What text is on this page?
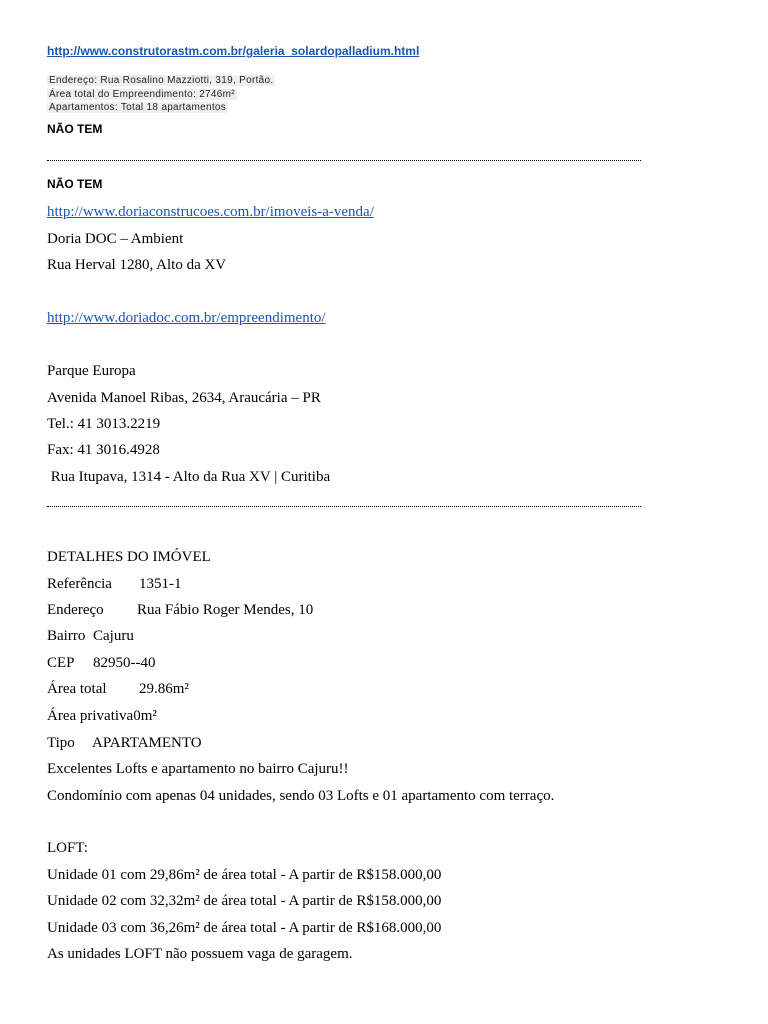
http://www.construtorastm.com.br/galeria_solardopalladium.html
Endereço: Rua Rosalino Mazziotti, 319, Portão.
Área total do Empreendimento: 2746m²
Apartamentos: Total 18 apartamentos
NÃO TEM
NÃO TEM
http://www.doriaconstrucoes.com.br/imoveis-a-venda/
Doria DOC – Ambient
Rua Herval 1280, Alto da XV
http://www.doriadoc.com.br/empreendimento/
Parque Europa
Avenida Manoel Ribas, 2634, Araucária – PR
Tel.: 41 3013.2219
Fax: 41 3016.4928
Rua Itupava, 1314 - Alto da Rua XV | Curitiba
DETALHES DO IMÓVEL
Referência 1351-1
Endereço Rua Fábio Roger Mendes, 10
Bairro Cajuru
CEP 82950--40
Área total 29.86m²
Área privativa0m²
Tipo APARTAMENTO
Excelentes Lofts e apartamento no bairro Cajuru!!
Condomínio com apenas 04 unidades, sendo 03 Lofts e 01 apartamento com terraço.
LOFT:
Unidade 01 com 29,86m² de área total - A partir de R$158.000,00
Unidade 02 com 32,32m² de área total - A partir de R$158.000,00
Unidade 03 com 36,26m² de área total - A partir de R$168.000,00
As unidades LOFT não possuem vaga de garagem.
